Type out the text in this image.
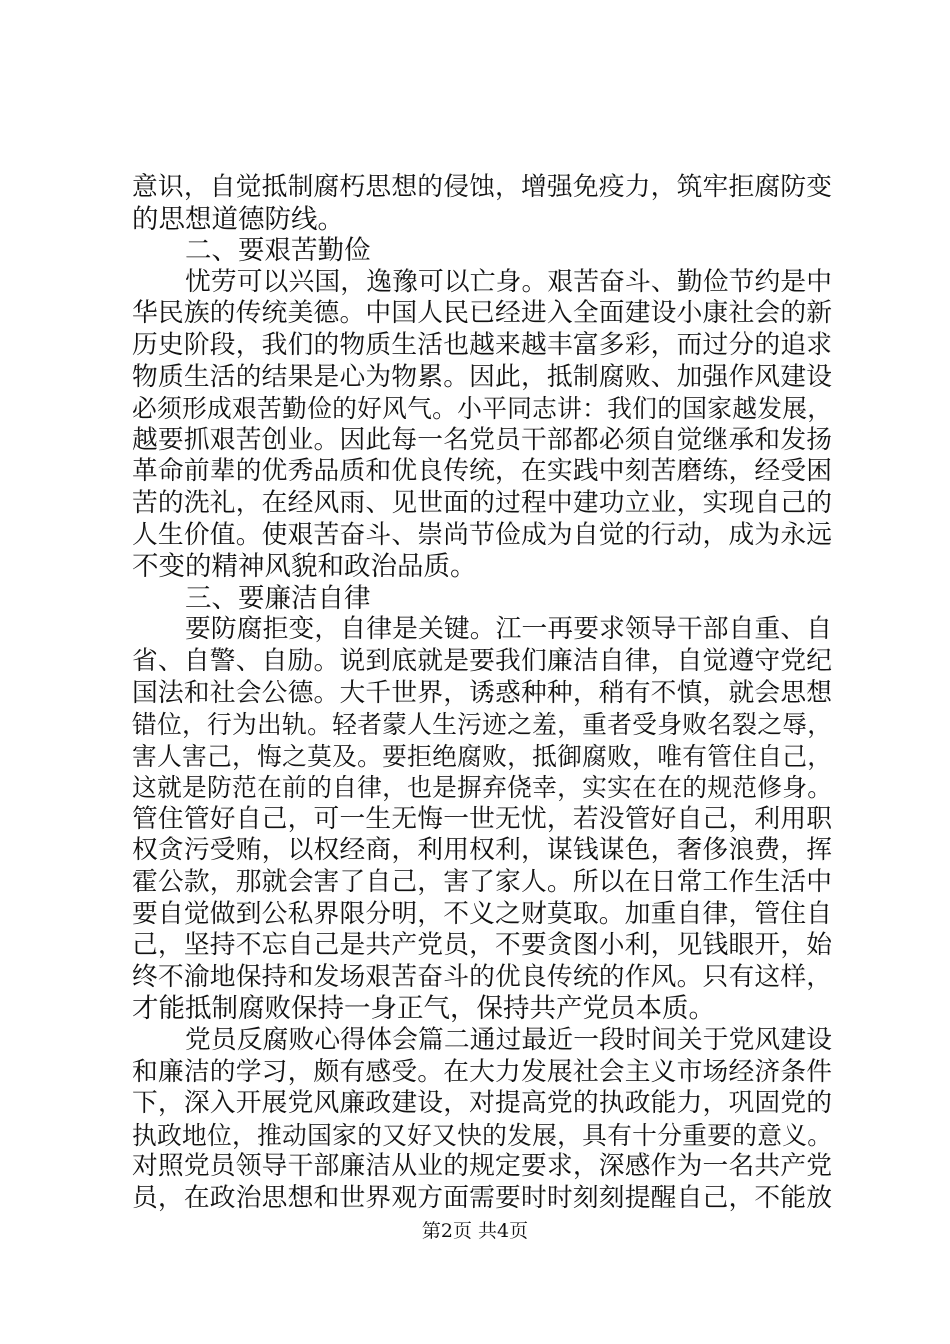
意识，自觉抵制腐朽思想的侵蚀，增强免疫力，筑牢拒腐防变
的思想道德防线。
二、要艰苦勤俭
忧劳可以兴国，逸豫可以亡身。艰苦奋斗、勤俭节约是中
华民族的传统美德。中国人民已经进入全面建设小康社会的新
历史阶段，我们的物质生活也越来越丰富多彩，而过分的追求
物质生活的结果是心为物累。因此，抵制腐败、加强作风建设
必须形成艰苦勤俭的好风气。小平同志讲：我们的国家越发展，
越要抓艰苦创业。因此每一名党员干部都必须自觉继承和发扬
革命前辈的优秀品质和优良传统，在实践中刻苦磨练，经受困
苦的洗礼，在经风雨、见世面的过程中建功立业，实现自己的
人生价值。使艰苦奋斗、崇尚节俭成为自觉的行动，成为永远
不变的精神风貌和政治品质。
三、要廉洁自律
要防腐拒变，自律是关键。江一再要求领导干部自重、自
省、自警、自励。说到底就是要我们廉洁自律，自觉遵守党纪
国法和社会公德。大千世界，诱惑种种，稍有不慎，就会思想
错位，行为出轨。轻者蒙人生污迹之羞，重者受身败名裂之辱，
害人害己，悔之莫及。要拒绝腐败，抵御腐败，唯有管住自己，
这就是防范在前的自律，也是摒弃侥幸，实实在在的规范修身。
管住管好自己，可一生无悔一世无忧，若没管好自己，利用职
权贪污受贿，以权经商，利用权利，谋钱谋色，奢侈浪费，挥
霍公款，那就会害了自己，害了家人。所以在日常工作生活中
要自觉做到公私界限分明，不义之财莫取。加重自律，管住自
己，坚持不忘自己是共产党员，不要贪图小利，见钱眼开，始
终不渝地保持和发场艰苦奋斗的优良传统的作风。只有这样，
才能抵制腐败保持一身正气，保持共产党员本质。
党员反腐败心得体会篇二通过最近一段时间关于党风建设
和廉洁的学习，颇有感受。在大力发展社会主义市场经济条件
下，深入开展党风廉政建设，对提高党的执政能力，巩固党的
执政地位，推动国家的又好又快的发展，具有十分重要的意义。
对照党员领导干部廉洁从业的规定要求，深感作为一名共产党
员，在政治思想和世界观方面需要时时刻刻提醒自己，不能放
第2页 共4页
